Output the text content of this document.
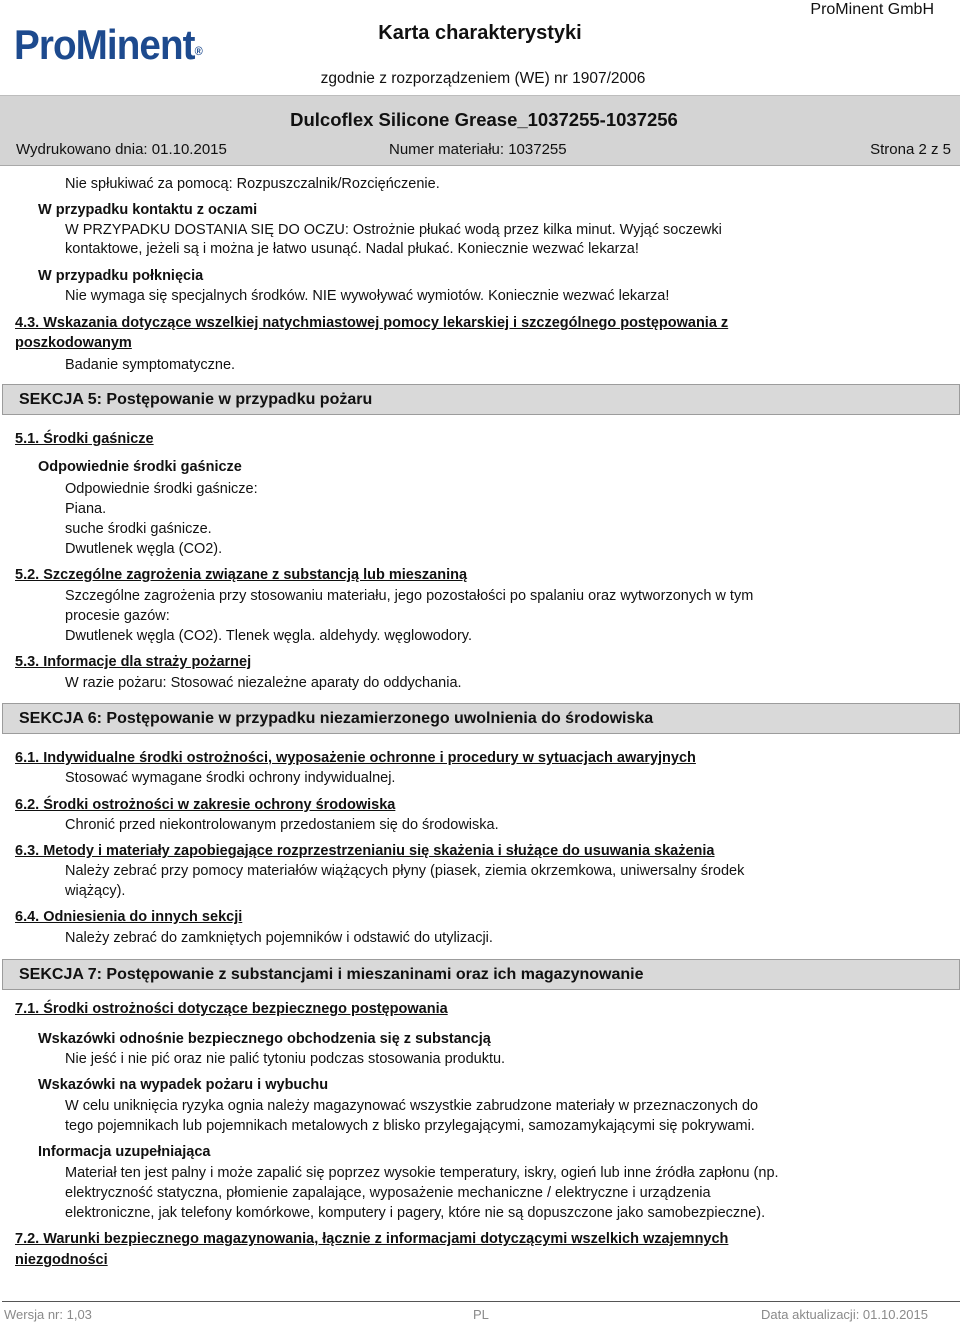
ProMinent®
ProMinent GmbH
Karta charakterystyki
zgodnie z rozporządzeniem (WE) nr 1907/2006
Dulcoflex Silicone Grease_1037255-1037256
Wydrukowano dnia: 01.10.2015	Numer materiału: 1037255	Strona 2 z 5
Nie spłukiwać za pomocą: Rozpuszczalnik/Rozcięńczenie.
W przypadku kontaktu z oczami
W PRZYPADKU DOSTANIA SIĘ DO OCZU: Ostrożnie płukać wodą przez kilka minut. Wyjąć soczewki
kontaktowe, jeżeli są i można je łatwo usunąć. Nadal płukać. Koniecznie wezwać lekarza!
W przypadku połknięcia
Nie wymaga się specjalnych środków. NIE wywoływać wymiotów. Koniecznie wezwać lekarza!
4.3. Wskazania dotyczące wszelkiej natychmiastowej pomocy lekarskiej i szczególnego postępowania z
poszkodowanym
Badanie symptomatyczne.
SEKCJA 5: Postępowanie w przypadku pożaru
5.1. Środki gaśnicze
Odpowiednie środki gaśnicze
Odpowiednie środki gaśnicze:
Piana.
suche środki gaśnicze.
Dwutlenek węgla (CO2).
5.2. Szczególne zagrożenia związane z substancją lub mieszaniną
Szczególne zagrożenia przy stosowaniu materiału, jego pozostałości po spalaniu oraz wytworzonych w tym
procesie gazów:
Dwutlenek węgla (CO2). Tlenek węgla. aldehydy. węglowodory.
5.3. Informacje dla straży pożarnej
W razie pożaru: Stosować niezależne aparaty do oddychania.
SEKCJA 6: Postępowanie w przypadku niezamierzonego uwolnienia do środowiska
6.1. Indywidualne środki ostrożności, wyposażenie ochronne i procedury w sytuacjach awaryjnych
Stosować wymagane środki ochrony indywidualnej.
6.2. Środki ostrożności w zakresie ochrony środowiska
Chronić przed niekontrolowanym przedostaniem się do środowiska.
6.3. Metody i materiały zapobiegające rozprzestrzenianiu się skażenia i służące do usuwania skażenia
Należy zebrać przy pomocy materiałów wiążących płyny (piasek, ziemia okrzemkowa, uniwersalny środek
wiążący).
6.4. Odniesienia do innych sekcji
Należy zebrać do zamkniętych pojemników i odstawić do utylizacji.
SEKCJA 7: Postępowanie z substancjami i mieszaninami oraz ich magazynowanie
7.1. Środki ostrożności dotyczące bezpiecznego postępowania
Wskazówki odnośnie bezpiecznego obchodzenia się z substancją
Nie jeść i nie pić oraz nie palić tytoniu podczas stosowania produktu.
Wskazówki na wypadek pożaru i wybuchu
W celu uniknięcia ryzyka ognia należy magazynować wszystkie zabrudzone materiały w przeznaczonych do
tego pojemnikach lub pojemnikach metalowych z blisko przylegającymi, samozamykającymi się pokrywami.
Informacja uzupełniająca
Materiał ten jest palny i może zapalić się poprzez wysokie temperatury, iskry, ogień lub inne źródła zapłonu (np.
elektryczność statyczna, płomienie zapalające, wyposażenie mechaniczne / elektryczne i urządzenia
elektroniczne, jak telefony komórkowe, komputery i pagery, które nie są dopuszczone jako samobezpieczne).
7.2. Warunki bezpiecznego magazynowania, łącznie z informacjami dotyczącymi wszelkich wzajemnych
niezgodności
Wersja nr: 1,03	PL	Data aktualizacji: 01.10.2015
